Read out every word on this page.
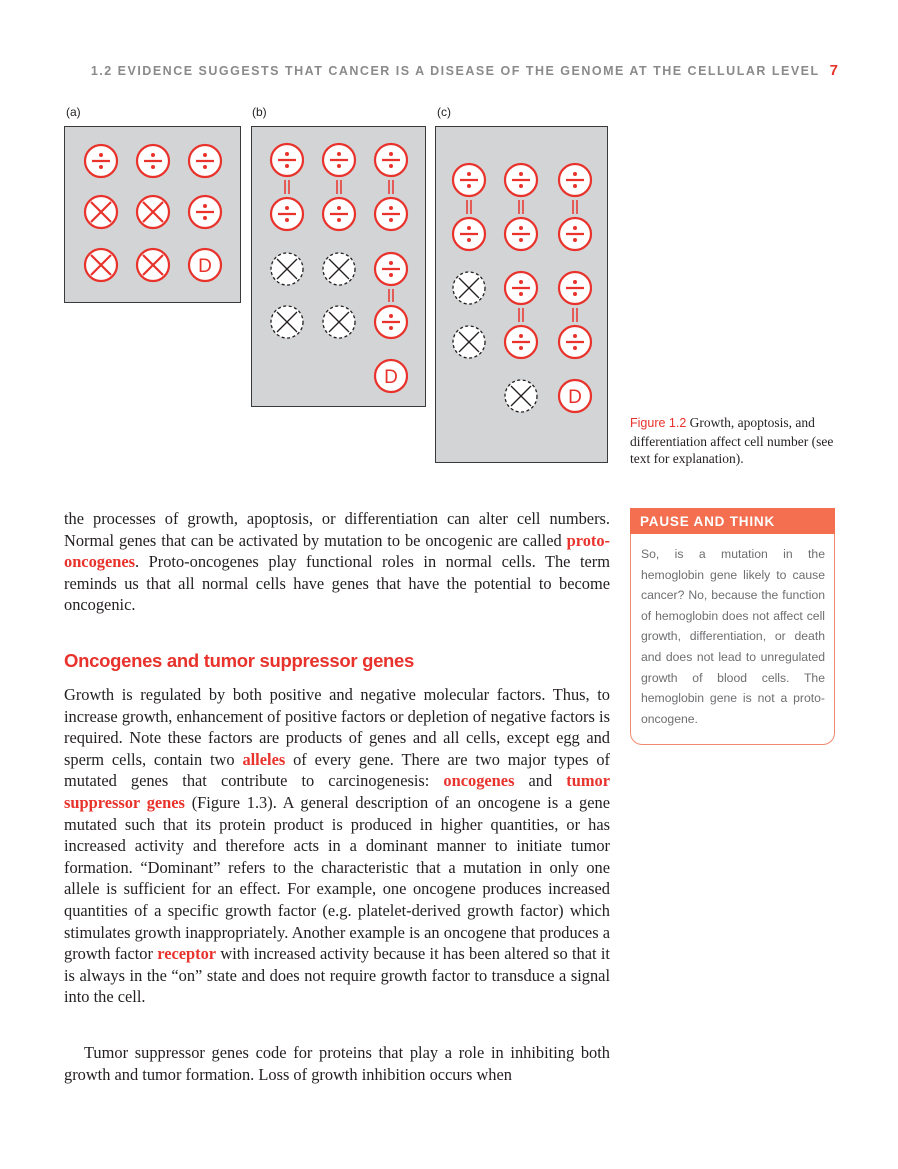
1.2 EVIDENCE SUGGESTS THAT CANCER IS A DISEASE OF THE GENOME AT THE CELLULAR LEVEL 7
(a)	(b)	(c)
D
D
D
Figure 1.2 Growth, apoptosis, and differentiation affect cell number (see text for explanation).

the processes of growth, apoptosis, or differentiation can alter cell numbers. Normal genes that can be activated by mutation to be oncogenic are called proto-oncogenes. Proto-oncogenes play functional roles in normal cells. The term reminds us that all normal cells have genes that have the potential to become oncogenic.

Oncogenes and tumor suppressor genes

Growth is regulated by both positive and negative molecular factors. Thus, to increase growth, enhancement of positive factors or depletion of negative factors is required. Note these factors are products of genes and all cells, except egg and sperm cells, contain two alleles of every gene. There are two major types of mutated genes that contribute to carcinogenesis: oncogenes and tumor suppressor genes (Figure 1.3). A general description of an oncogene is a gene mutated such that its protein product is produced in higher quantities, or has increased activity and therefore acts in a dominant manner to initiate tumor formation. “Dominant” refers to the characteristic that a mutation in only one allele is sufficient for an effect. For example, one oncogene produces increased quantities of a specific growth factor (e.g. platelet-derived growth factor) which stimulates growth inappropriately. Another example is an oncogene that produces a growth factor receptor with increased activity because it has been altered so that it is always in the “on” state and does not require growth factor to transduce a signal into the cell.

Tumor suppressor genes code for proteins that play a role in inhibiting both growth and tumor formation. Loss of growth inhibition occurs when

PAUSE AND THINK
So, is a mutation in the hemoglobin gene likely to cause cancer? No, because the function of hemoglobin does not affect cell growth, differentiation, or death and does not lead to unregulated growth of blood cells. The hemoglobin gene is not a proto-oncogene.
